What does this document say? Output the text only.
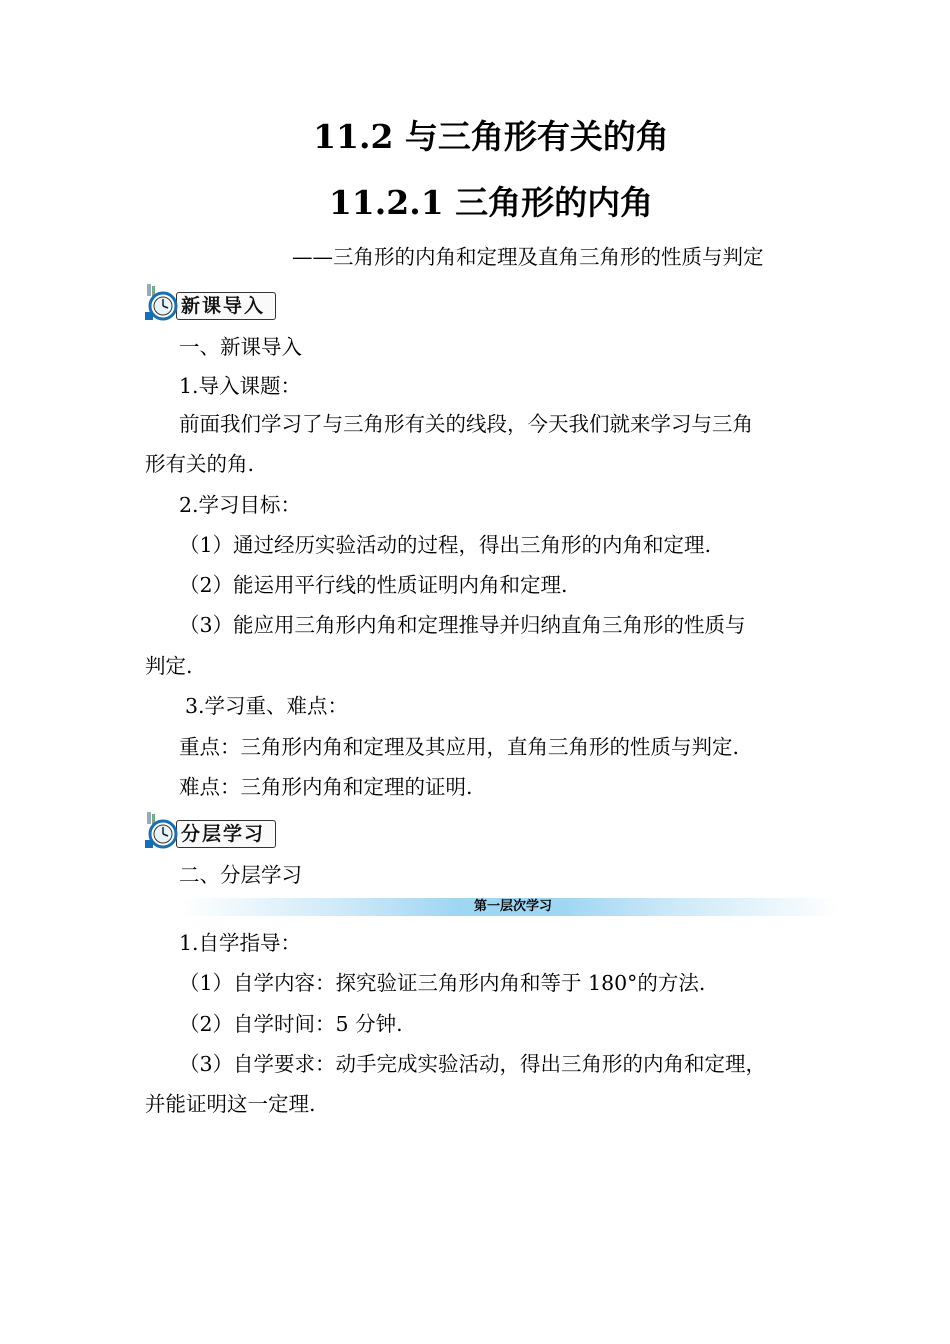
11.2 与三角形有关的角
11.2.1 三角形的内角
——三角形的内角和定理及直角三角形的性质与判定
新课导入
一、新课导入
1.导入课题：
前面我们学习了与三角形有关的线段，今天我们就来学习与三角
形有关的角.
2.学习目标：
（1）通过经历实验活动的过程，得出三角形的内角和定理.
（2）能运用平行线的性质证明内角和定理.
（3）能应用三角形内角和定理推导并归纳直角三角形的性质与
判定.
3.学习重、难点：
重点：三角形内角和定理及其应用，直角三角形的性质与判定.
难点：三角形内角和定理的证明.
分层学习
二、分层学习
第一层次学习
1.自学指导：
（1）自学内容：探究验证三角形内角和等于 180°的方法.
（2）自学时间：5 分钟.
（3）自学要求：动手完成实验活动，得出三角形的内角和定理，
并能证明这一定理.
